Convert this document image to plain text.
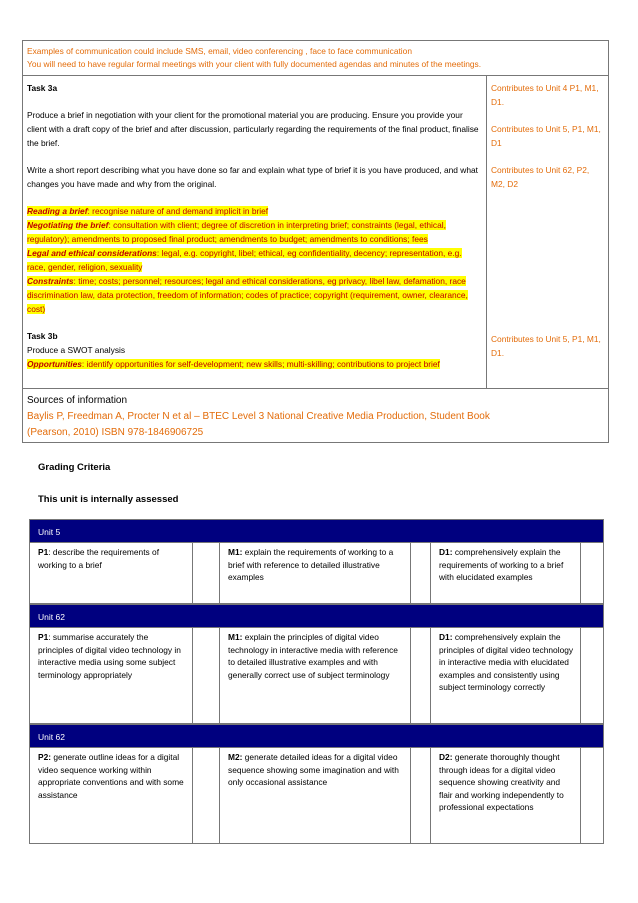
Examples of communication could include SMS, email, video conferencing , face to face communication

You will need to have regular formal meetings with your client with fully documented agendas and minutes of the meetings.

Task 3a

Produce a brief in negotiation with your client for the promotional material you are producing. Ensure you provide your client with a draft copy of the brief and after discussion, particularly regarding the requirements of the final product, finalise the brief.

Write a short report describing what you have done so far and explain what type of brief it is you have produced, and what changes you have made and why from the original.

Reading a brief: recognise nature of and demand implicit in brief

Negotiating the brief: consultation with client; degree of discretion in interpreting brief; constraints (legal, ethical, regulatory); amendments to proposed final product; amendments to budget; amendments to conditions; fees

Legal and ethical considerations: legal, e.g. copyright, libel; ethical, eg confidentiality, decency; representation, e.g. race, gender, religion, sexuality

Constraints: time; costs; personnel; resources; legal and ethical considerations, eg privacy, libel law, defamation, race discrimination law, data protection, freedom of information; codes of practice; copyright (requirement, owner, clearance, cost)

Task 3b

Produce a SWOT analysis

Opportunities: identify opportunities for self-development; new skills; multi-skilling; contributions to project brief

Contributes to Unit 4 P1, M1, D1.

Contributes to Unit 5, P1, M1, D1

Contributes to Unit 62, P2, M2, D2

Contributes to Unit 5, P1, M1, D1.

Sources of information

Baylis P, Freedman A, Procter N et al – BTEC Level 3 National Creative Media Production, Student Book

(Pearson, 2010) ISBN 978-1846906725

Grading Criteria
This unit is internally assessed
Unit 5
P1: describe the requirements of working to a brief
M1: explain the requirements of working to a brief with reference to detailed illustrative examples
D1: comprehensively explain the requirements of working to a brief with elucidated examples
Unit 62
P1: summarise accurately the principles of digital video technology in interactive media using some subject terminology appropriately
M1: explain the principles of digital video technology in interactive media with reference to detailed illustrative examples and with generally correct use of subject terminology
D1: comprehensively explain the principles of digital video technology in interactive media with elucidated examples and consistently using subject terminology correctly
Unit 62
P2: generate outline ideas for a digital video sequence working within appropriate conventions and with some assistance
M2: generate detailed ideas for a digital video sequence showing some imagination and with only occasional assistance
D2: generate thoroughly thought through ideas for a digital video sequence showing creativity and flair and working independently to professional expectations
